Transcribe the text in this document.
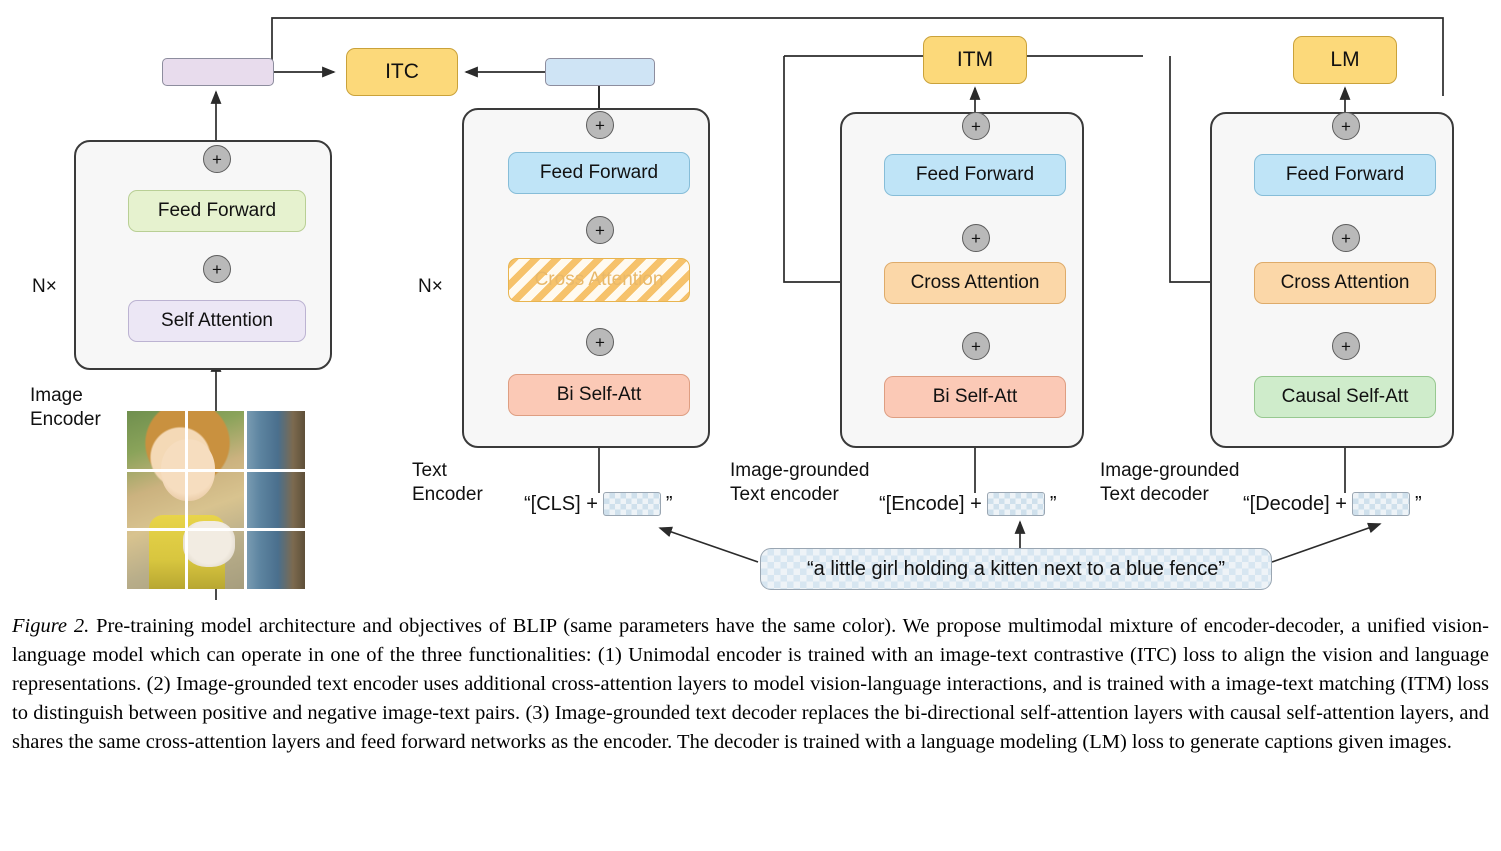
ITC
ITM	LM
Feed Forward
Self Attention
+
+
N×
Image
Encoder
Feed Forward
Cross Attention
Bi Self-Att
+
+
+
N×
Text
Encoder “[CLS] +	”
Feed Forward
Cross Attention
Bi Self-Att
+
+
+
Image-grounded
Text encoder “[Encode] +	”
Feed Forward
Cross Attention
Causal Self-Att
+
+
+
Image-grounded
Text decoder “[Decode] +	”
“a little girl holding a kitten next to a blue fence”
Figure 2. Pre-training model architecture and objectives of BLIP (same parameters have the same color). We propose multimodal mixture of encoder-decoder, a unified vision-language model which can operate in one of the three functionalities: (1) Unimodal encoder is trained with an image-text contrastive (ITC) loss to align the vision and language representations. (2) Image-grounded text encoder uses additional cross-attention layers to model vision-language interactions, and is trained with a image-text matching (ITM) loss to distinguish between positive and negative image-text pairs. (3) Image-grounded text decoder replaces the bi-directional self-attention layers with causal self-attention layers, and shares the same cross-attention layers and feed forward networks as the encoder. The decoder is trained with a language modeling (LM) loss to generate captions given images.
